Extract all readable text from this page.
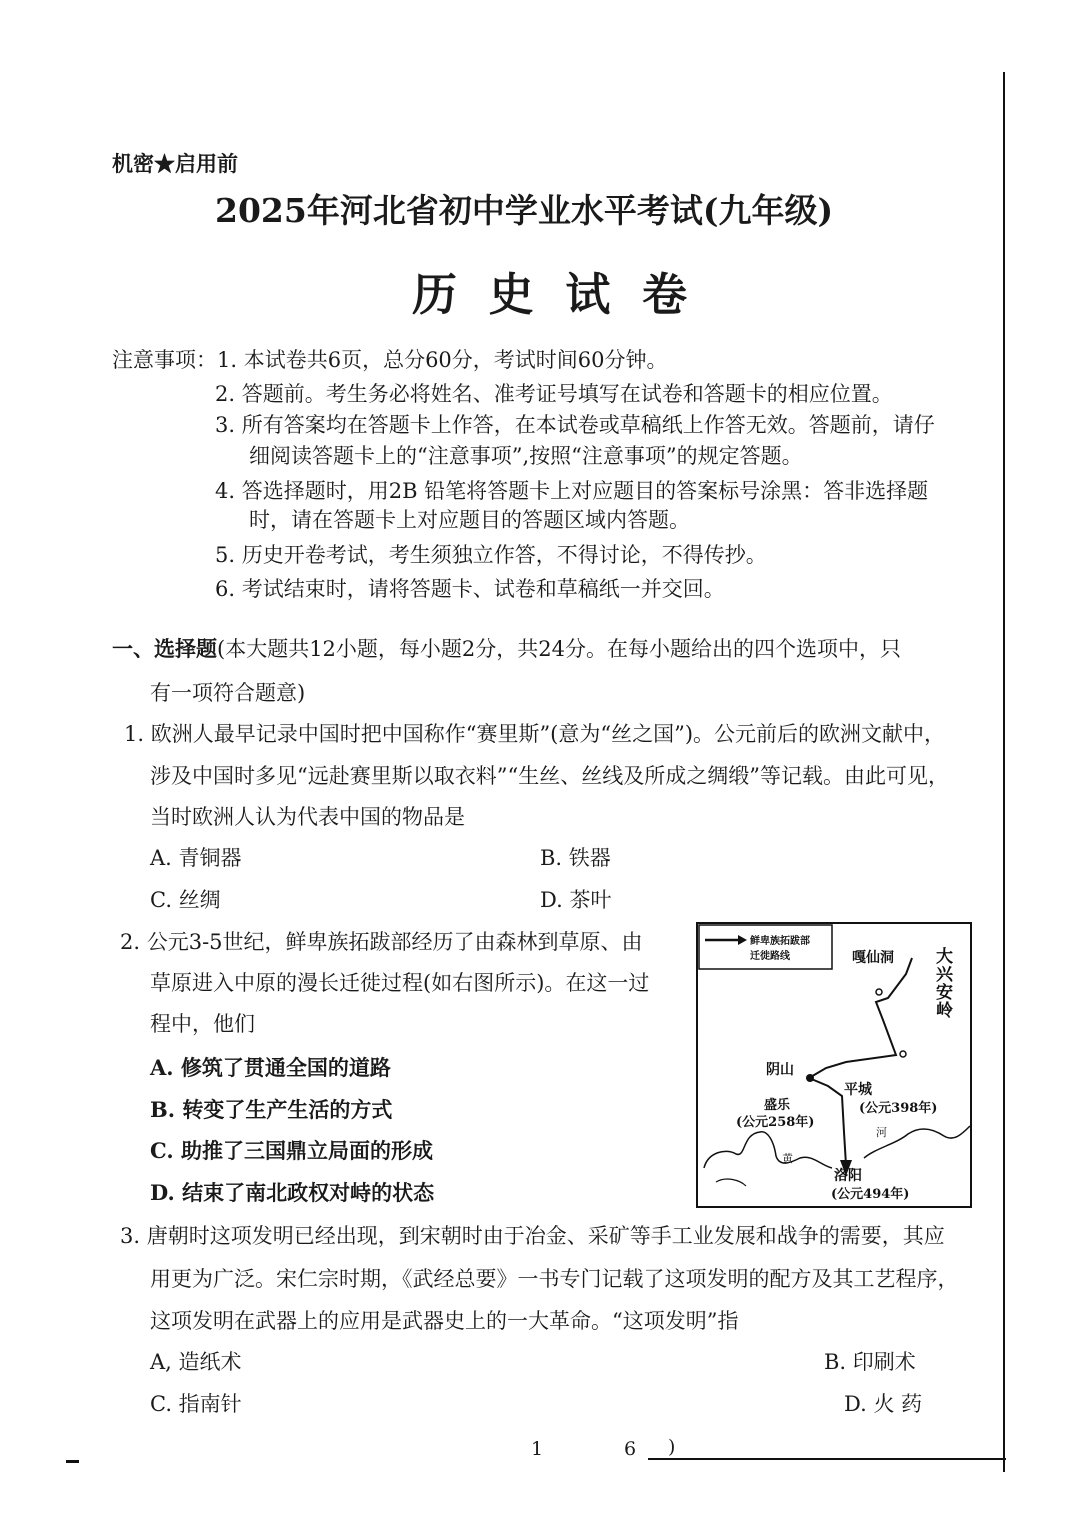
机密★启用前
2025年河北省初中学业水平考试(九年级)
历 史 试 卷
注意事项： 1. 本试卷共6页，总分60分，考试时间60分钟。
2. 答题前。考生务必将姓名、准考证号填写在试卷和答题卡的相应位置。
3. 所有答案均在答题卡上作答，在本试卷或草稿纸上作答无效。答题前，请仔
细阅读答题卡上的“注意事项”,按照“注意事项”的规定答题。
4. 答选择题时，用2B 铅笔将答题卡上对应题目的答案标号涂黑：答非选择题
时，请在答题卡上对应题目的答题区域内答题。
5. 历史开卷考试，考生须独立作答，不得讨论，不得传抄。
6. 考试结束时，请将答题卡、试卷和草稿纸一并交回。
一、选择题(本大题共12小题，每小题2分，共24分。在每小题给出的四个选项中，只
有一项符合题意)
1. 欧洲人最早记录中国时把中国称作“赛里斯”(意为“丝之国”)。公元前后的欧洲文献中，
涉及中国时多见“远赴赛里斯以取衣料”“生丝、丝线及所成之绸缎”等记载。由此可见，
当时欧洲人认为代表中国的物品是
A. 青铜器	B. 铁器
C. 丝绸	D. 茶叶
2. 公元3-5世纪，鲜卑族拓跋部经历了由森林到草原、由
草原进入中原的漫长迁徙过程(如右图所示)。在这一过
程中，他们
A. 修筑了贯通全国的道路
B. 转变了生产生活的方式
C. 助推了三国鼎立局面的形成
D. 结束了南北政权对峙的状态
鲜卑族拓跋部
迁徙路线	大
兴
安
岭
嘎仙洞
阴山
盛乐
(公元258年)
平城
(公元398年)
黄
河
洛阳
(公元494年)
3. 唐朝时这项发明已经出现，到宋朝时由于冶金、采矿等手工业发展和战争的需要，其应
用更为广泛。宋仁宗时期，《武经总要》一书专门记载了这项发明的配方及其工艺程序，
这项发明在武器上的应用是武器史上的一大革命。“这项发明”指
A, 造纸术	B. 印刷术
C. 指南针	D. 火 药
1	6 )
